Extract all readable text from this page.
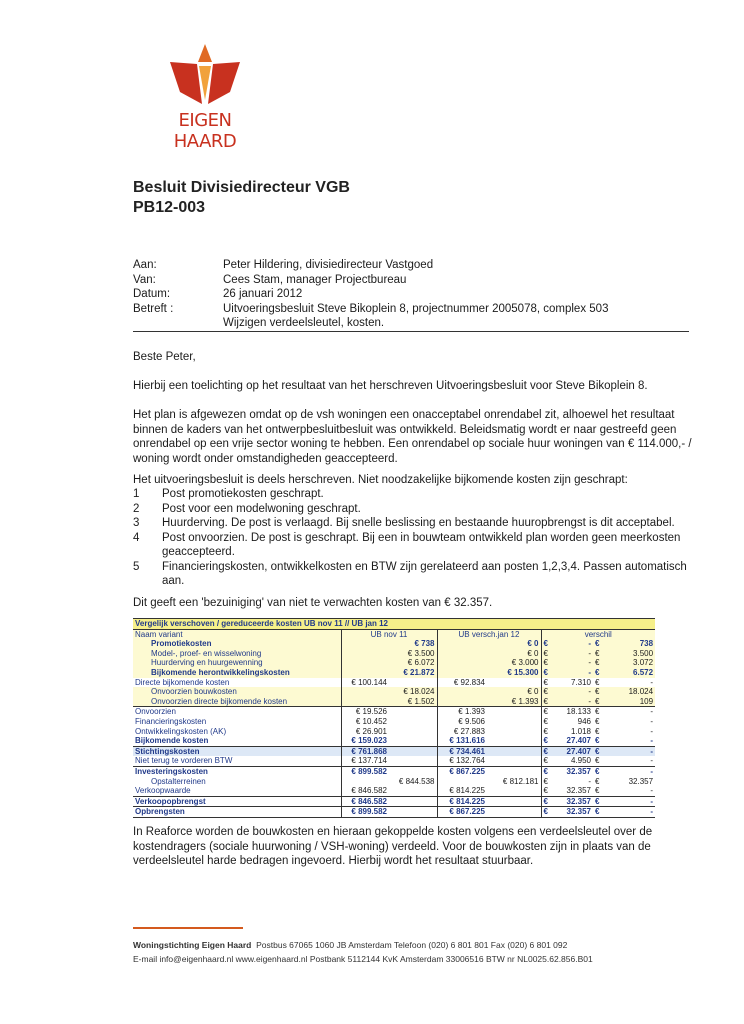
EIGEN HAARD
Besluit Divisiedirecteur VGB
PB12-003
Aan:	Peter Hildering, divisiedirecteur Vastgoed
Van:	Cees Stam, manager Projectbureau
Datum:	26 januari 2012
Betreft :	Uitvoeringsbesluit Steve Bikoplein 8, projectnummer 2005078, complex 503
Wijzigen verdeelsleutel, kosten.
Beste Peter,
Hierbij een toelichting op het resultaat van het herschreven Uitvoeringsbesluit voor Steve Bikoplein 8.
Het plan is afgewezen omdat op de vsh woningen een onacceptabel onrendabel zit, alhoewel het resultaat binnen de kaders van het ontwerpbesluitbesluit was ontwikkeld. Beleidsmatig wordt er naar gestreefd geen onrendabel op een vrije sector woning te hebben. Een onrendabel op sociale huur woningen van € 114.000,- / woning wordt onder omstandigheden geaccepteerd.
Het uitvoeringsbesluit is deels herschreven. Niet noodzakelijke bijkomende kosten zijn geschrapt:
1	Post promotiekosten geschrapt.
2	Post voor een modelwoning geschrapt.
3	Huurderving. De post is verlaagd. Bij snelle beslissing en bestaande huuropbrengst is dit acceptabel.
4	Post onvoorzien. De post is geschrapt. Bij een in bouwteam ontwikkeld plan worden geen meerkosten geaccepteerd.
5	Financieringskosten, ontwikkelkosten en BTW zijn gerelateerd aan posten 1,2,3,4. Passen automatisch aan.
Dit geeft een 'bezuiniging' van niet te verwachten kosten van € 32.357.
Vergelijk verschoven / gereduceerde kosten UB nov 11 // UB jan 12								
Naam variant	UB nov 11		UB versch.jan 12		verschil			
Promotiekosten		€ 738		€ 0	€	-	€	738
Model-, proef- en wisselwoning		€ 3.500		€ 0	€	-	€	3.500
Huurderving en huurgewenning		€ 6.072		€ 3.000	€	-	€	3.072
Bijkomende herontwikkelingskosten		€ 21.872		€ 15.300	€	-	€	6.572
Directe bijkomende kosten	€ 100.144		€ 92.834		€	7.310	€	-
Onvoorzien bouwkosten		€ 18.024		€ 0	€	-	€	18.024
Onvoorzien directe bijkomende kosten		€ 1.502		€ 1.393	€	-	€	109
Onvoorzien	€ 19.526		€ 1.393		€	18.133	€	-
Financieringskosten	€ 10.452		€ 9.506		€	946	€	-
Ontwikkelingskosten (AK)	€ 26.901		€ 27.883		€	1.018	€	-
Bijkomende kosten	€ 159.023		€ 131.616		€	27.407	€	-
Stichtingskosten	€ 761.868		€ 734.461		€	27.407	€	-
Niet terug te vorderen BTW	€ 137.714		€ 132.764		€	4.950	€	-
Investeringskosten	€ 899.582		€ 867.225		€	32.357	€	-
Opstalterreinen		€ 844.538		€ 812.181	€	-	€	32.357
Verkoopwaarde	€ 846.582		€ 814.225		€	32.357	€	-
Verkoopopbrengst	€ 846.582		€ 814.225		€	32.357	€	-
Opbrengsten	€ 899.582		€ 867.225		€	32.357	€	-
In Reaforce worden de bouwkosten en hieraan gekoppelde kosten volgens een verdeelsleutel over de kostendragers (sociale huurwoning / VSH-woning) verdeeld. Voor de bouwkosten zijn in plaats van de verdeelsleutel harde bedragen ingevoerd. Hierbij wordt het resultaat stuurbaar.
Woningstichting Eigen Haard Postbus 67065 1060 JB Amsterdam Telefoon (020) 6 801 801 Fax (020) 6 801 092
E-mail info@eigenhaard.nl www.eigenhaard.nl Postbank 5112144 KvK Amsterdam 33006516 BTW nr NL0025.62.856.B01
